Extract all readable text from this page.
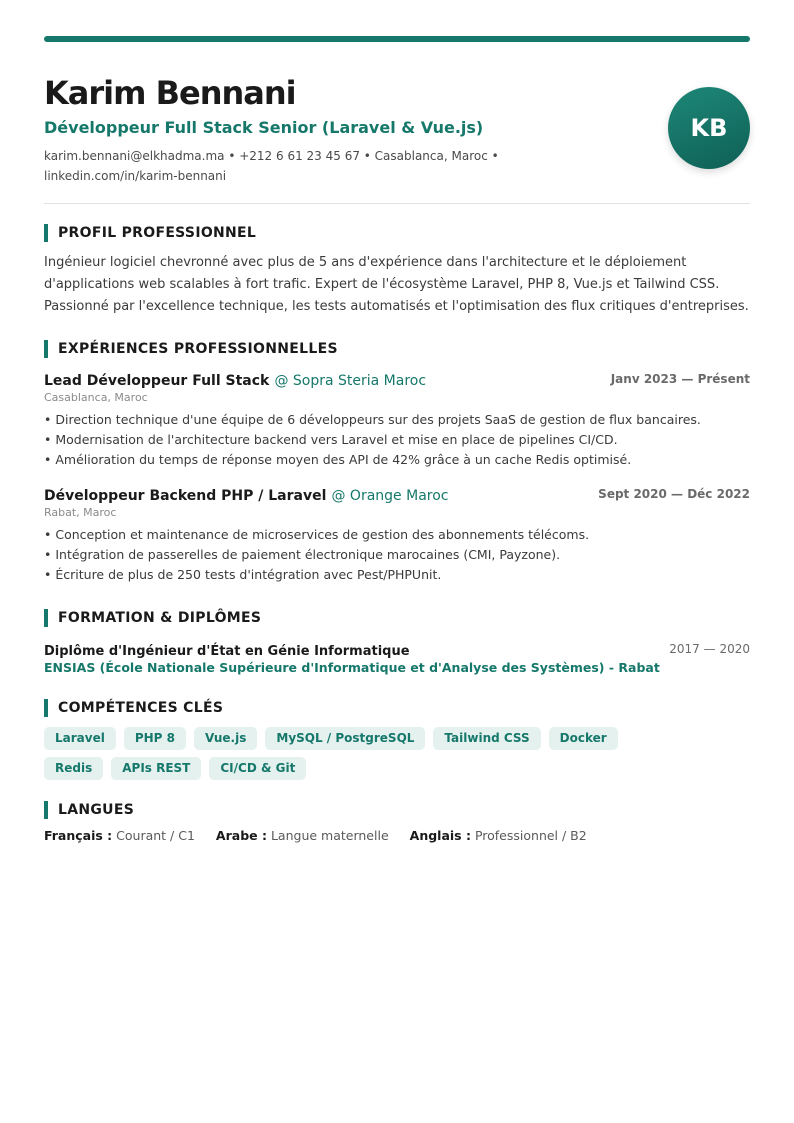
Karim Bennani
Développeur Full Stack Senior (Laravel & Vue.js)
karim.bennani@elkhadma.ma • +212 6 61 23 45 67 • Casablanca, Maroc • linkedin.com/in/karim-bennani
KB
PROFIL PROFESSIONNEL

Ingénieur logiciel chevronné avec plus de 5 ans d'expérience dans l'architecture et le déploiement d'applications web scalables à fort trafic. Expert de l'écosystème Laravel, PHP 8, Vue.js et Tailwind CSS. Passionné par l'excellence technique, les tests automatisés et l'optimisation des flux critiques d'entreprises.

EXPÉRIENCES PROFESSIONNELLES
Lead Développeur Full Stack @ Sopra Steria Maroc	Janv 2023 — Présent
Casablanca, Maroc
• Direction technique d'une équipe de 6 développeurs sur des projets SaaS de gestion de flux bancaires.
• Modernisation de l'architecture backend vers Laravel et mise en place de pipelines CI/CD.
• Amélioration du temps de réponse moyen des API de 42% grâce à un cache Redis optimisé.
Développeur Backend PHP / Laravel @ Orange Maroc	Sept 2020 — Déc 2022
Rabat, Maroc
• Conception et maintenance de microservices de gestion des abonnements télécoms.
• Intégration de passerelles de paiement électronique marocaines (CMI, Payzone).
• Écriture de plus de 250 tests d'intégration avec Pest/PHPUnit.
FORMATION & DIPLÔMES
Diplôme d'Ingénieur d'État en Génie Informatique	2017 — 2020
ENSIAS (École Nationale Supérieure d'Informatique et d'Analyse des Systèmes) - Rabat
COMPÉTENCES CLÉS
Laravel	PHP 8	Vue.js	MySQL / PostgreSQL	Tailwind CSS	Docker
Redis	APIs REST	CI/CD & Git
LANGUES
Français : Courant / C1 Arabe : Langue maternelle Anglais : Professionnel / B2
